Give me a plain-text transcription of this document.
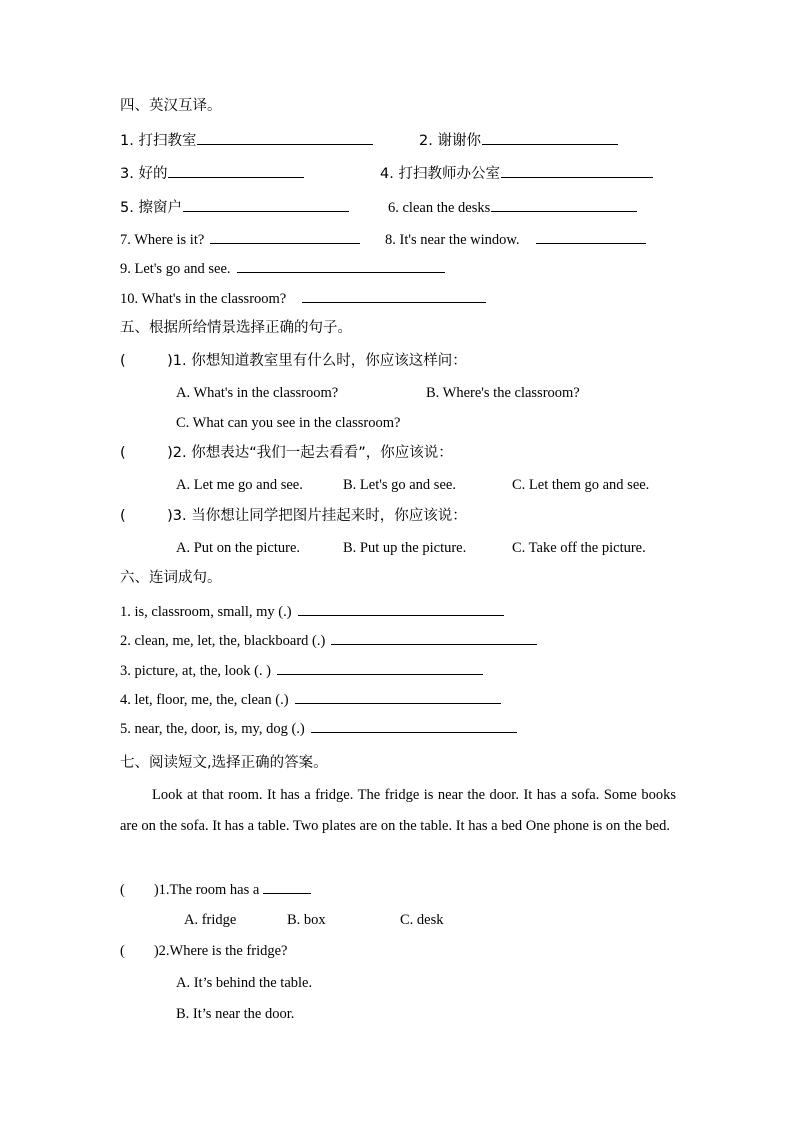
四、英汉互译。
1. 打扫教室	2. 谢谢你
3. 好的	4. 打扫教师办公室
5. 擦窗户	6. clean the desks
7. Where is it?	8. It's near the window.
9. Let's go and see.
10. What's in the classroom?
五、根据所给情景选择正确的句子。
(         )1. 你想知道教室里有什么时，你应该这样问：
A. What's in the classroom?	B. Where's the classroom?
C. What can you see in the classroom?
(         )2. 你想表达“我们一起去看看”，你应该说：
A. Let me go and see.	B. Let's go and see.	C. Let them go and see.
(         )3. 当你想让同学把图片挂起来时，你应该说：
A. Put on the picture.	B. Put up the picture.	C. Take off the picture.
六、连词成句。
1. is, classroom, small, my (.)
2. clean, me, let, the, blackboard (.)
3. picture, at, the, look (. )
4. let, floor, me, the, clean (.)
5. near, the, door, is, my, dog (.)
七、阅读短文,选择正确的答案。
Look at that room. It has a fridge. The fridge is near the door. It has a sofa. Some books are on the sofa. It has a table. Two plates are on the table. It has a bed One phone is on the bed.
(        )1.The room has a
A. fridge	B. box	C. desk
(        )2.Where is the fridge?
A. It’s behind the table.
B. It’s near the door.
